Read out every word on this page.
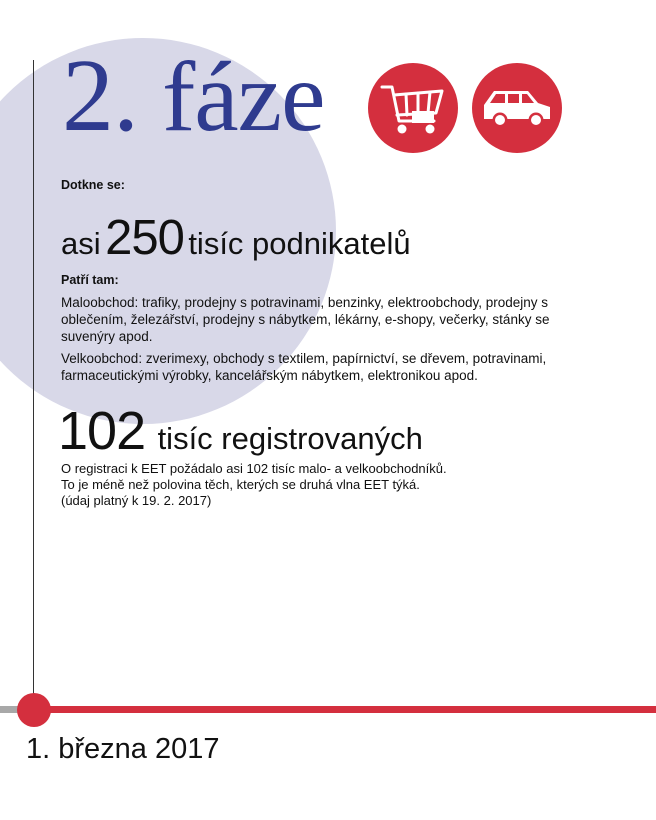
2. fáze

Dotkne se:

asi 250 tisíc podnikatelů

Patří tam:

Maloobchod: trafiky, prodejny s potravinami, benzinky, elektroobchody, prodejny s oblečením, železářství, prodejny s nábytkem, lékárny, e-shopy, večerky, stánky se suvenýry apod.

Velkoobchod: zverimexy, obchody s textilem, papírnictví, se dřevem, potravinami, farmaceutickými výrobky, kancelářským nábytkem, elektronikou apod.

102 tisíc registrovaných

O registraci k EET požádalo asi 102 tisíc malo- a velkoobchodníků.

To je méně než polovina těch, kterých se druhá vlna EET týká.

(údaj platný k 19. 2. 2017)

1. března 2017
